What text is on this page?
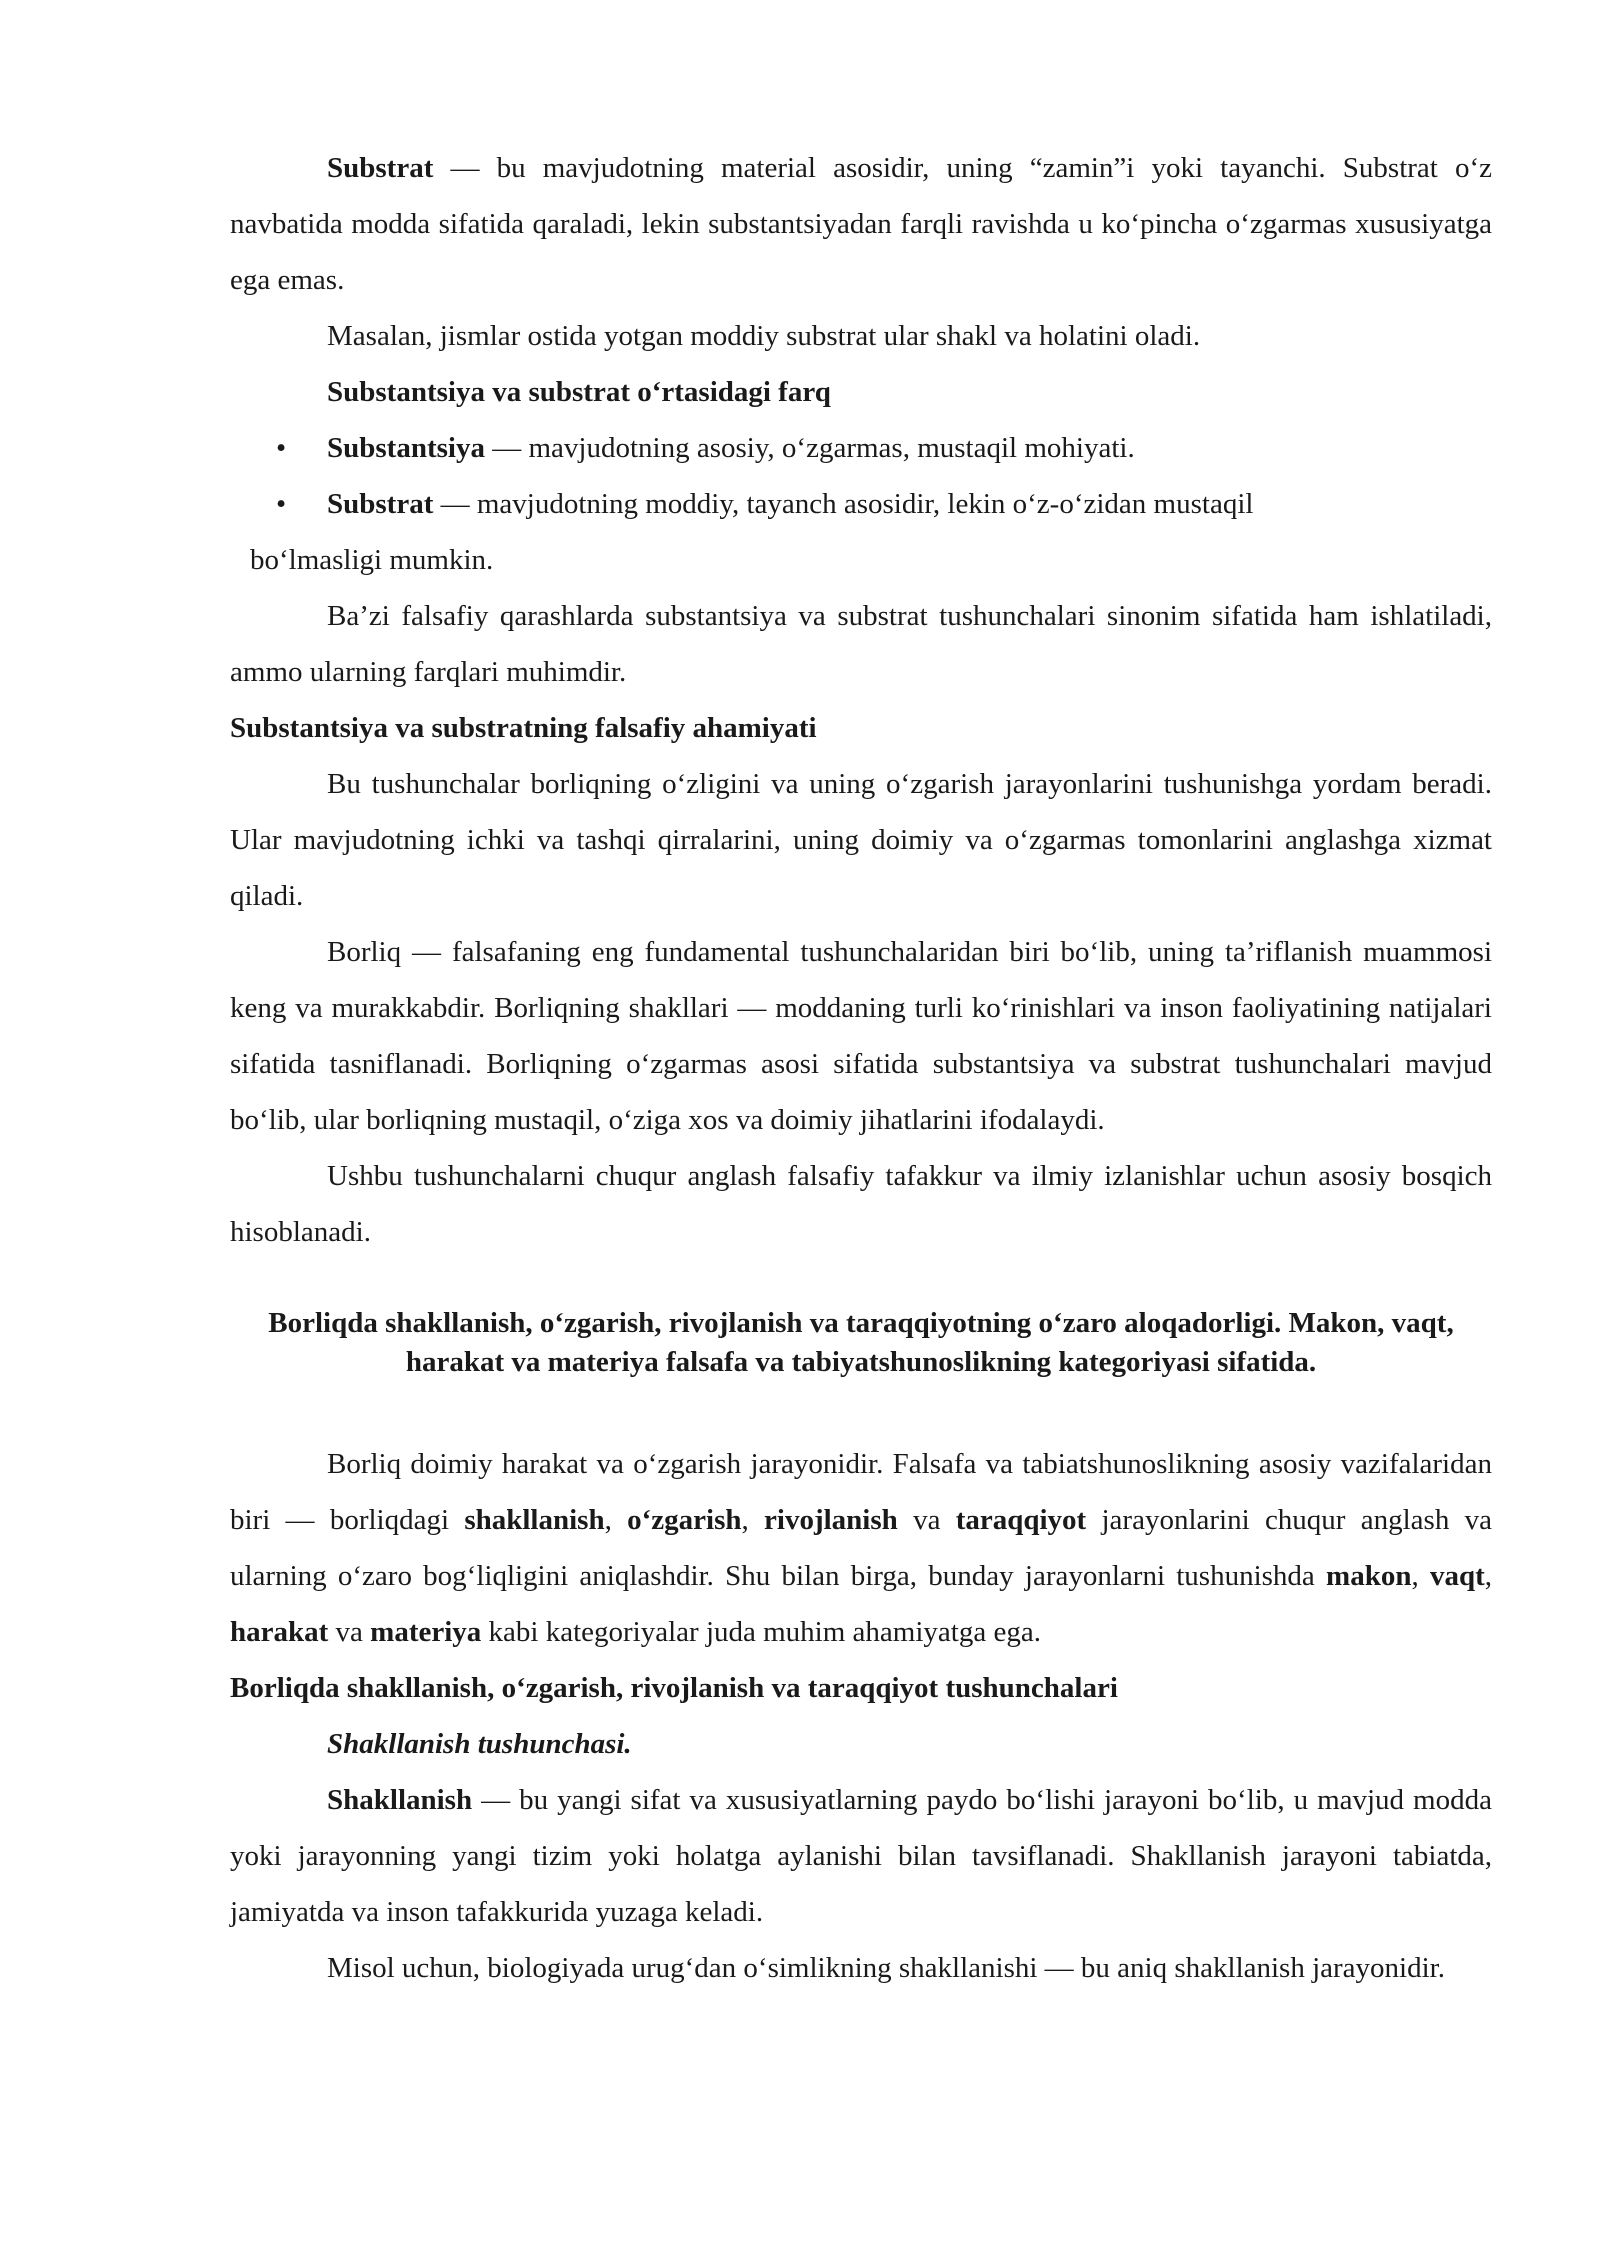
Substrat — bu mavjudotning material asosidir, uning “zamin”i yoki tayanchi. Substrat o‘z navbatida modda sifatida qaraladi, lekin substantsiyadan farqli ravishda u ko‘pincha o‘zgarmas xususiyatga ega emas.

Masalan, jismlar ostida yotgan moddiy substrat ular shakl va holatini oladi.

Substantsiya va substrat o‘rtasidagi farq

• Substantsiya — mavjudotning asosiy, o‘zgarmas, mustaqil mohiyati.

• Substrat — mavjudotning moddiy, tayanch asosidir, lekin o‘z-o‘zidan mustaqil

bo‘lmasligi mumkin.

Ba’zi falsafiy qarashlarda substantsiya va substrat tushunchalari sinonim sifatida ham ishlatiladi, ammo ularning farqlari muhimdir.

Substantsiya va substratning falsafiy ahamiyati

Bu tushunchalar borliqning o‘zligini va uning o‘zgarish jarayonlarini tushunishga yordam beradi. Ular mavjudotning ichki va tashqi qirralarini, uning doimiy va o‘zgarmas tomonlarini anglashga xizmat qiladi.

Borliq — falsafaning eng fundamental tushunchalaridan biri bo‘lib, uning ta’riflanish muammosi keng va murakkabdir. Borliqning shakllari — moddaning turli ko‘rinishlari va inson faoliyatining natijalari sifatida tasniflanadi. Borliqning o‘zgarmas asosi sifatida substantsiya va substrat tushunchalari mavjud bo‘lib, ular borliqning mustaqil, o‘ziga xos va doimiy jihatlarini ifodalaydi.

Ushbu tushunchalarni chuqur anglash falsafiy tafakkur va ilmiy izlanishlar uchun asosiy bosqich hisoblanadi.

Borliqda shakllanish, o‘zgarish, rivojlanish va taraqqiyotning o‘zaro aloqadorligi. Makon, vaqt, harakat va materiya falsafa va tabiyatshunoslikning kategoriyasi sifatida.

Borliq doimiy harakat va o‘zgarish jarayonidir. Falsafa va tabiatshunoslikning asosiy vazifalaridan biri — borliqdagi shakllanish, o‘zgarish, rivojlanish va taraqqiyot jarayonlarini chuqur anglash va ularning o‘zaro bog‘liqligini aniqlashdir. Shu bilan birga, bunday jarayonlarni tushunishda makon, vaqt, harakat va materiya kabi kategoriyalar juda muhim ahamiyatga ega.

Borliqda shakllanish, o‘zgarish, rivojlanish va taraqqiyot tushunchalari

Shakllanish tushunchasi.

Shakllanish — bu yangi sifat va xususiyatlarning paydo bo‘lishi jarayoni bo‘lib, u mavjud modda yoki jarayonning yangi tizim yoki holatga aylanishi bilan tavsiflanadi. Shakllanish jarayoni tabiatda, jamiyatda va inson tafakkurida yuzaga keladi.

Misol uchun, biologiyada urug‘dan o‘simlikning shakllanishi — bu aniq shakllanish jarayonidir.
